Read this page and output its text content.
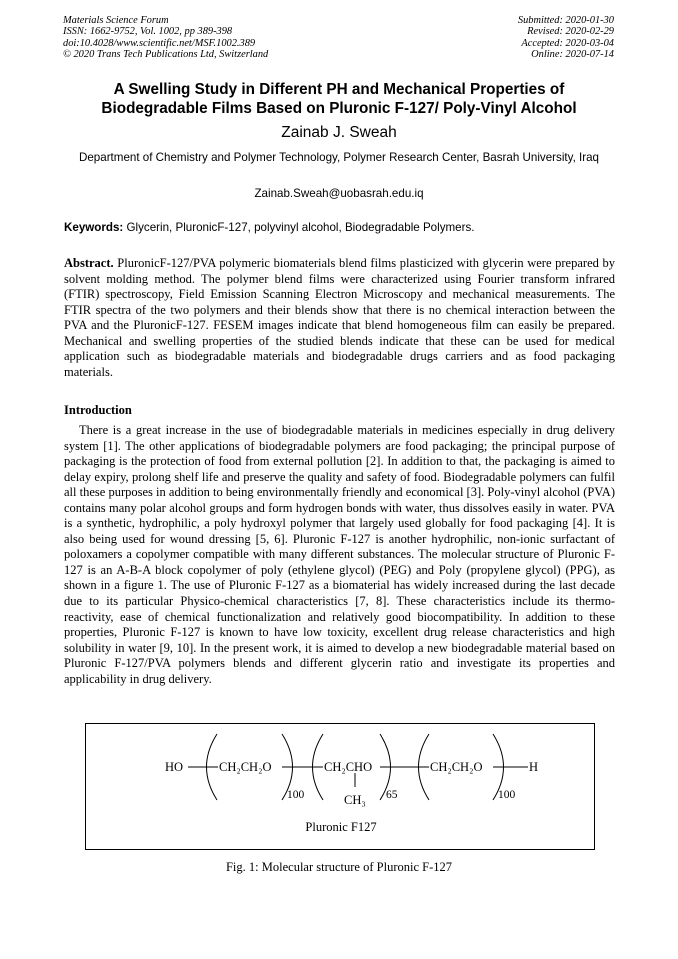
Materials Science Forum
ISSN: 1662-9752, Vol. 1002, pp 389-398
doi:10.4028/www.scientific.net/MSF.1002.389
© 2020 Trans Tech Publications Ltd, Switzerland
Submitted: 2020-01-30
Revised: 2020-02-29
Accepted: 2020-03-04
Online: 2020-07-14
A Swelling Study in Different PH and Mechanical Properties of
Biodegradable Films Based on Pluronic F-127/ Poly-Vinyl Alcohol
Zainab J. Sweah
Department of Chemistry and Polymer Technology, Polymer Research Center, Basrah University, Iraq
Zainab.Sweah@uobasrah.edu.iq
Keywords: Glycerin, PluronicF-127, polyvinyl alcohol, Biodegradable Polymers.
Abstract. PluronicF-127/PVA polymeric biomaterials blend films plasticized with glycerin were prepared by solvent molding method. The polymer blend films were characterized using Fourier transform infrared (FTIR) spectroscopy, Field Emission Scanning Electron Microscopy and mechanical measurements. The FTIR spectra of the two polymers and their blends show that there is no chemical interaction between the PVA and the PluronicF-127. FESEM images indicate that blend homogeneous film can easily be prepared. Mechanical and swelling properties of the studied blends indicate that these can be used for medical application such as biodegradable materials and biodegradable drugs carriers and as food packaging materials.
Introduction
There is a great increase in the use of biodegradable materials in medicines especially in drug delivery system [1]. The other applications of biodegradable polymers are food packaging; the principal purpose of packaging is the protection of food from external pollution [2]. In addition to that, the packaging is aimed to delay expiry, prolong shelf life and preserve the quality and safety of food. Biodegradable polymers can fulfil all these purposes in addition to being environmentally friendly and economical [3]. Poly-vinyl alcohol (PVA) contains many polar alcohol groups and form hydrogen bonds with water, thus dissolves easily in water. PVA is a synthetic, hydrophilic, a poly hydroxyl polymer that largely used globally for food packaging [4]. It is also being used for wound dressing [5, 6]. Pluronic F-127 is another hydrophilic, non-ionic surfactant of poloxamers a copolymer compatible with many different substances. The molecular structure of Pluronic F-127 is an A-B-A block copolymer of poly (ethylene glycol) (PEG) and Poly (propylene glycol) (PPG), as shown in a figure 1. The use of Pluronic F-127 as a biomaterial has widely increased during the last decade due to its particular Physico-chemical characteristics [7, 8]. These characteristics include its thermo-reactivity, ease of chemical functionalization and relatively good biocompatibility. In addition to these properties, Pluronic F-127 is known to have low toxicity, excellent drug release characteristics and high solubility in water [9, 10]. In the present work, it is aimed to develop a new biodegradable material based on Pluronic F-127/PVA polymers blends and different glycerin ratio and investigate its properties and applicability in drug delivery.
HO	CH₂CH₂O	CH₂CHO
CH₃
CH₂CH₂O	H
100	65	100
Pluronic F127
Fig. 1: Molecular structure of Pluronic F-127
